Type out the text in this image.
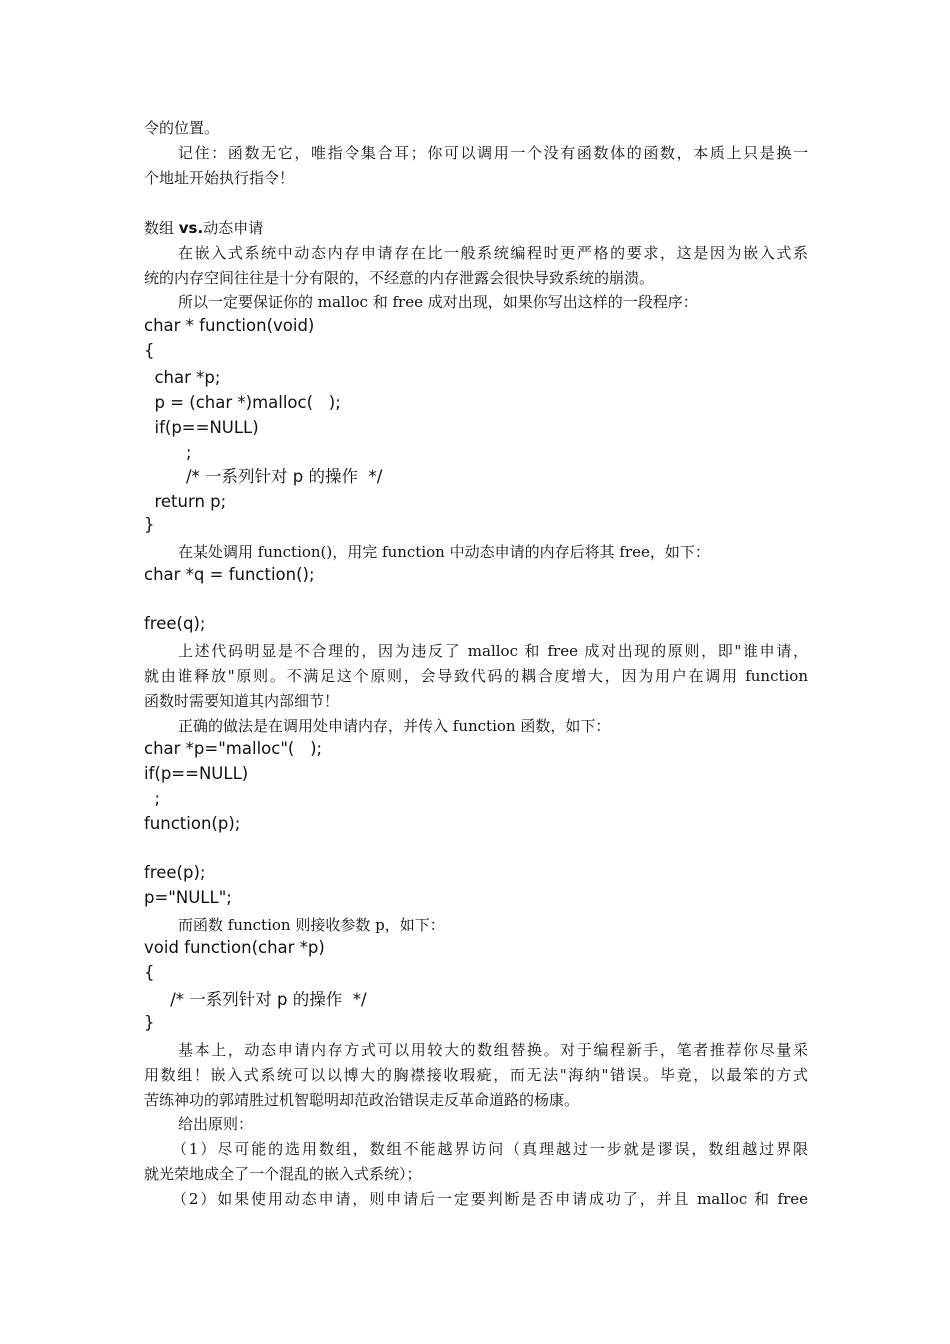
令的位置。
记住：函数无它，唯指令集合耳；你可以调用一个没有函数体的函数，本质上只是换一
个地址开始执行指令！
数组 vs.动态申请
在嵌入式系统中动态内存申请存在比一般系统编程时更严格的要求，这是因为嵌入式系
统的内存空间往往是十分有限的，不经意的内存泄露会很快导致系统的崩溃。
所以一定要保证你的 malloc 和 free 成对出现，如果你写出这样的一段程序：
char * function(void)
{
char *p;
p = (char *)malloc(   );
if(p==NULL)
;
/* 一系列针对 p 的操作  */
return p;
}
在某处调用 function()，用完 function 中动态申请的内存后将其 free，如下：
char *q = function();
free(q);
上述代码明显是不合理的，因为违反了 malloc 和 free 成对出现的原则，即"谁申请，
就由谁释放"原则。不满足这个原则，会导致代码的耦合度增大，因为用户在调用 function
函数时需要知道其内部细节！
正确的做法是在调用处申请内存，并传入 function 函数，如下：
char *p="malloc"(   );
if(p==NULL)
;
function(p);
free(p);
p="NULL";
而函数 function 则接收参数 p，如下：
void function(char *p)
{
/* 一系列针对 p 的操作  */
}
基本上，动态申请内存方式可以用较大的数组替换。对于编程新手，笔者推荐你尽量采
用数组！嵌入式系统可以以博大的胸襟接收瑕疵，而无法"海纳"错误。毕竟，以最笨的方式
苦练神功的郭靖胜过机智聪明却范政治错误走反革命道路的杨康。
给出原则：
（1）尽可能的选用数组，数组不能越界访问（真理越过一步就是谬误，数组越过界限
就光荣地成全了一个混乱的嵌入式系统）；
（2）如果使用动态申请，则申请后一定要判断是否申请成功了，并且 malloc 和 free
